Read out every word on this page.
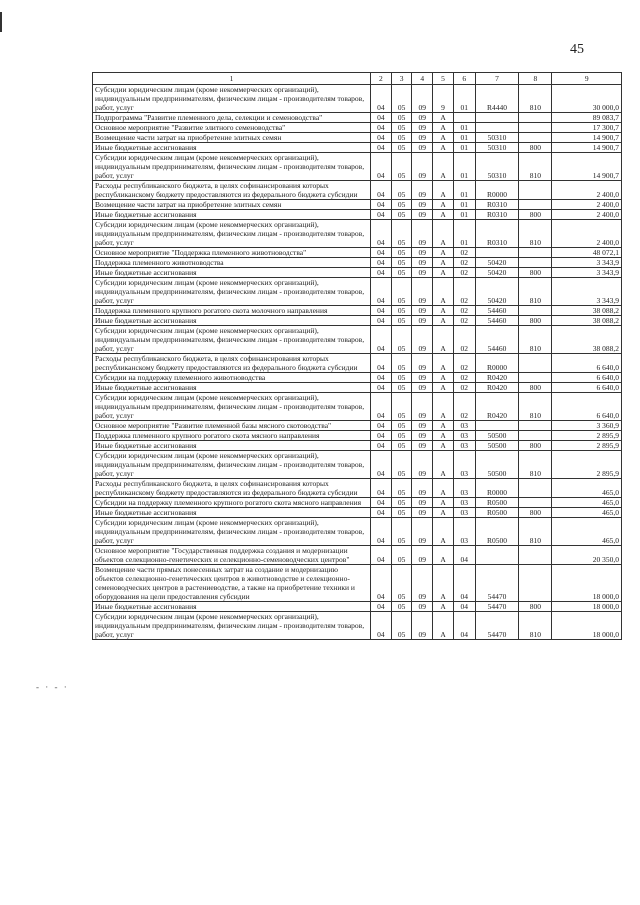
45
- · - ·
1	2	3	4	5	6	7	8	9
Субсидии юридическим лицам (кроме некоммерческих организаций), индивидуальным предпринимателям, физическим лицам - производителям товаров, работ, услуг	04	05	09	9	01	R4440	810	30 000,0
Подпрограмма "Развитие племенного дела, селекции и семеноводства"	04	05	09	А				89 083,7
Основное мероприятие "Развитие элитного семеноводства"	04	05	09	А	01			17 300,7
Возмещение части затрат на приобретение элитных семян	04	05	09	А	01	50310		14 900,7
Иные бюджетные ассигнования	04	05	09	А	01	50310	800	14 900,7
Субсидии юридическим лицам (кроме некоммерческих организаций), индивидуальным предпринимателям, физическим лицам - производителям товаров, работ, услуг	04	05	09	А	01	50310	810	14 900,7
Расходы республиканского бюджета, в целях софинансирования которых республиканскому бюджету предоставляются из федерального бюджета субсидии	04	05	09	А	01	R0000		2 400,0
Возмещение части затрат на приобретение элитных семян	04	05	09	А	01	R0310		2 400,0
Иные бюджетные ассигнования	04	05	09	А	01	R0310	800	2 400,0
Субсидии юридическим лицам (кроме некоммерческих организаций), индивидуальным предпринимателям, физическим лицам - производителям товаров, работ, услуг	04	05	09	А	01	R0310	810	2 400,0
Основное мероприятие "Поддержка племенного животноводства"	04	05	09	А	02			48 072,1
Поддержка племенного животноводства	04	05	09	А	02	50420		3 343,9
Иные бюджетные ассигнования	04	05	09	А	02	50420	800	3 343,9
Субсидии юридическим лицам (кроме некоммерческих организаций), индивидуальным предпринимателям, физическим лицам - производителям товаров, работ, услуг	04	05	09	А	02	50420	810	3 343,9
Поддержка племенного крупного рогатого скота молочного направления	04	05	09	А	02	54460		38 088,2
Иные бюджетные ассигнования	04	05	09	А	02	54460	800	38 088,2
Субсидии юридическим лицам (кроме некоммерческих организаций), индивидуальным предпринимателям, физическим лицам - производителям товаров, работ, услуг	04	05	09	А	02	54460	810	38 088,2
Расходы республиканского бюджета, в целях софинансирования которых республиканскому бюджету предоставляются из федерального бюджета субсидии	04	05	09	А	02	R0000		6 640,0
Субсидии на поддержку племенного животноводства	04	05	09	А	02	R0420		6 640,0
Иные бюджетные ассигнования	04	05	09	А	02	R0420	800	6 640,0
Субсидии юридическим лицам (кроме некоммерческих организаций), индивидуальным предпринимателям, физическим лицам - производителям товаров, работ, услуг	04	05	09	А	02	R0420	810	6 640,0
Основное мероприятие "Развитие племенной базы мясного скотоводства"	04	05	09	А	03			3 360,9
Поддержка племенного крупного рогатого скота мясного направления	04	05	09	А	03	50500		2 895,9
Иные бюджетные ассигнования	04	05	09	А	03	50500	800	2 895,9
Субсидии юридическим лицам (кроме некоммерческих организаций), индивидуальным предпринимателям, физическим лицам - производителям товаров, работ, услуг	04	05	09	А	03	50500	810	2 895,9
Расходы республиканского бюджета, в целях софинансирования которых республиканскому бюджету предоставляются из федерального бюджета субсидии	04	05	09	А	03	R0000		465,0
Субсидии на поддержку племенного крупного рогатого скота мясного направления	04	05	09	А	03	R0500		465,0
Иные бюджетные ассигнования	04	05	09	А	03	R0500	800	465,0
Субсидии юридическим лицам (кроме некоммерческих организаций), индивидуальным предпринимателям, физическим лицам - производителям товаров, работ, услуг	04	05	09	А	03	R0500	810	465,0
Основное мероприятие "Государственная поддержка создания и модернизации объектов селекционно-генетических и селекционно-семеноводческих центров"	04	05	09	А	04			20 350,0
Возмещение части прямых понесенных затрат на создание и модернизацию объектов селекционно-генетических центров в животноводстве и селекционно-семеноводческих центров в растениеводстве, а также на приобретение техники и оборудования на цели предоставления субсидии	04	05	09	А	04	54470		18 000,0
Иные бюджетные ассигнования	04	05	09	А	04	54470	800	18 000,0
Субсидии юридическим лицам (кроме некоммерческих организаций), индивидуальным предпринимателям, физическим лицам - производителям товаров, работ, услуг	04	05	09	А	04	54470	810	18 000,0
